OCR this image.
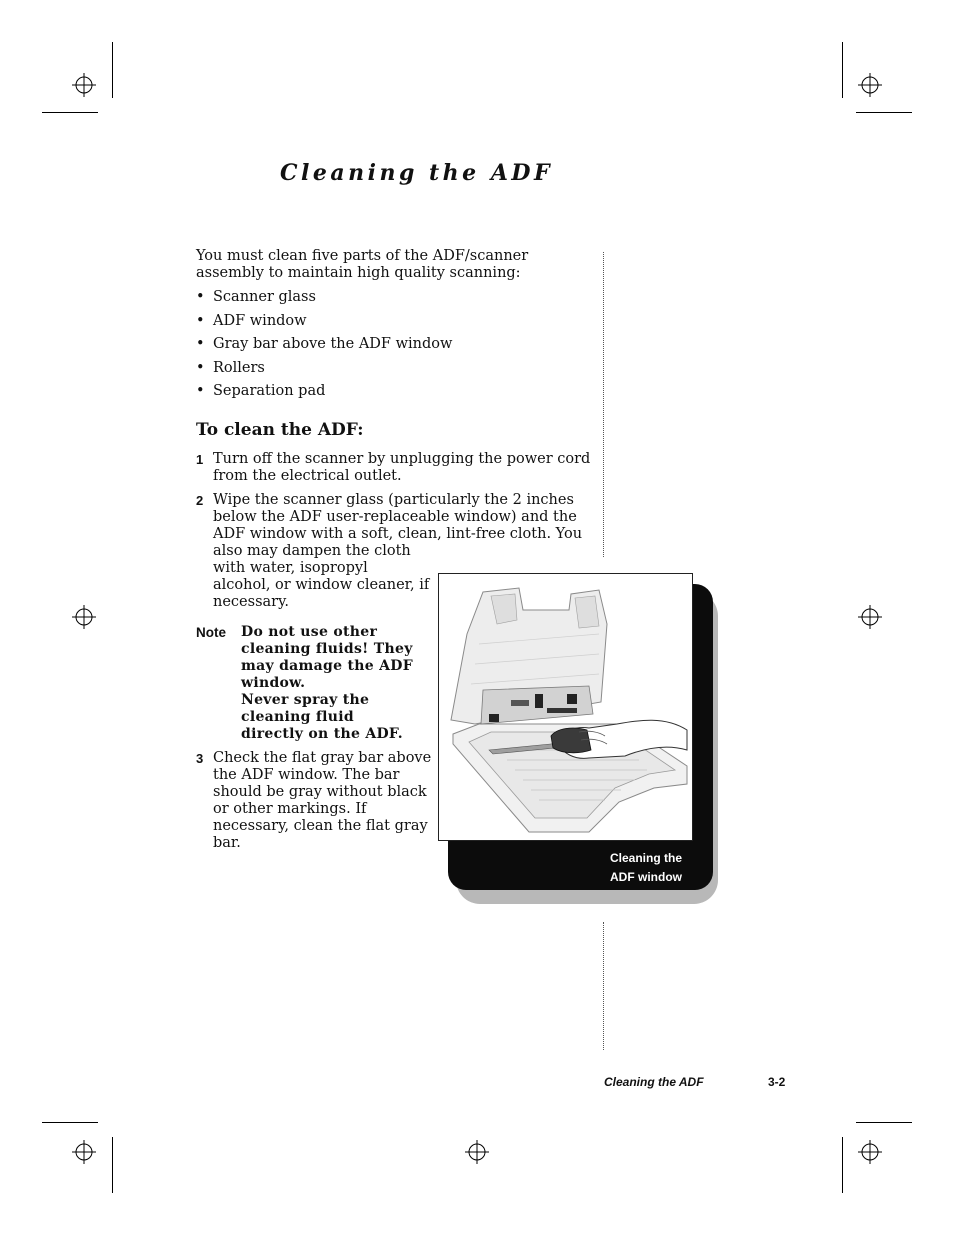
Cleaning the ADF
You must clean five parts of the ADF/scanner assembly to maintain high quality scanning:
• Scanner glass
• ADF window
• Gray bar above the ADF window
• Rollers
• Separation pad
To clean the ADF:
1 Turn off the scanner by unplugging the power cord
from the electrical outlet.
2 Wipe the scanner glass (particularly the 2 inches
below the ADF user-replaceable window) and the
ADF window with a soft, clean, lint-free cloth. You
also may dampen the cloth
with water, isopropyl
alcohol, or window cleaner, if
necessary.
Note Do not use other
cleaning fluids! They
may damage the ADF
window.
Never spray the
cleaning fluid
directly on the ADF.
3 Check the flat gray bar above
the ADF window. The bar
should be gray without black
or other markings. If
necessary, clean the flat gray
bar.
Cleaning the
ADF window
Cleaning the ADF	3-2
